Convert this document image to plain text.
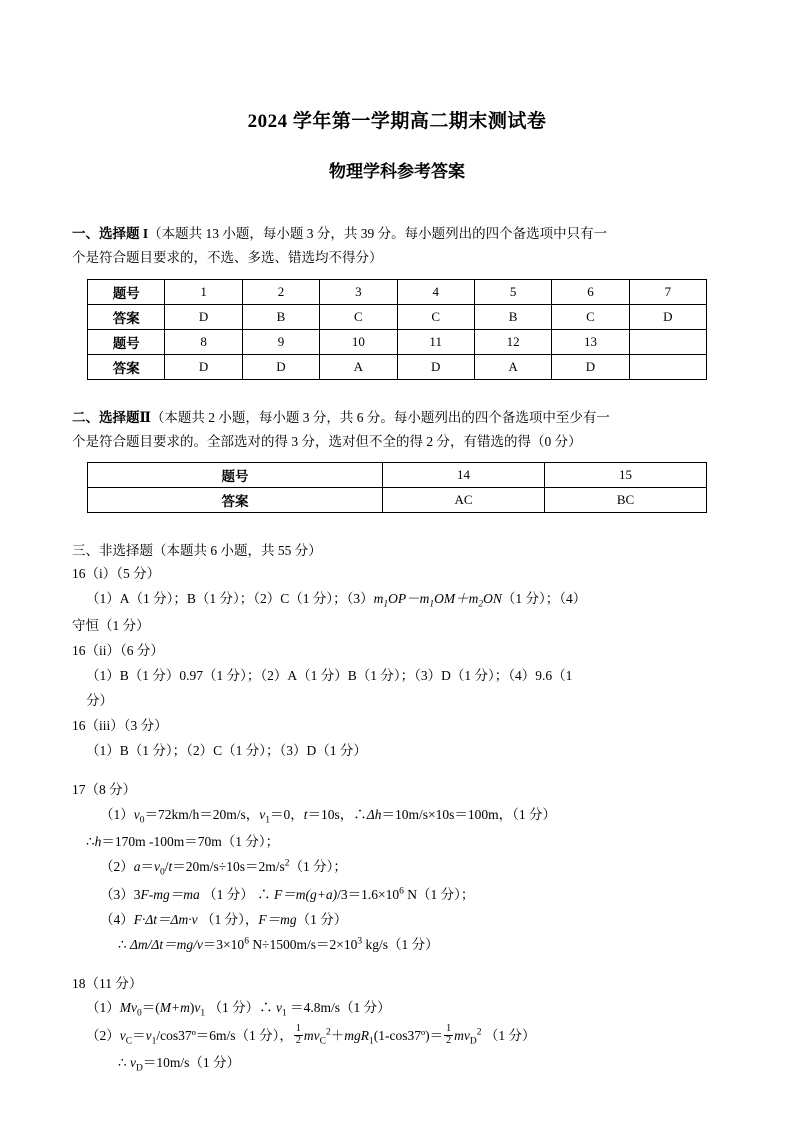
2024 学年第一学期高二期末测试卷
物理学科参考答案
一、选择题 I（本题共 13 小题，每小题 3 分，共 39 分。每小题列出的四个备选项中只有一
个是符合题目要求的，不选、多选、错选均不得分）
题号	1	2	3	4	5	6	7
答案	D	B	C	C	B	C	D
题号	8	9	10	11	12	13	
答案	D	D	A	D	A	D	
二、选择题Ⅱ（本题共 2 小题，每小题 3 分，共 6 分。每小题列出的四个备选项中至少有一
个是符合题目要求的。全部选对的得 3 分，选对但不全的得 2 分，有错选的得（0 分）
题号	14	15
答案	AC	BC
三、非选择题（本题共 6 小题，共 55 分）
16（i）（5 分）
（1）A（1 分）；B（1 分）；（2）C（1 分）；$(3)m_1OP-m_1OM+m_2ON(1$ 分）；（4）
守恒（1 分）
16（ii）（6 分）
（1）B（1 分）0.97（1 分）；（2）A（1 分）B（1 分）；（3）D（1 分）；（4）9.6（1
分）
16（iii）（3 分）
（1）B（1 分）；（2）C（1 分）；（3）D（1 分）
17（8 分）
$(1)v_0=72km/h=20m/s$，$v_1=0$，t＝10s，∴Δh＝10m/s×10s＝100m，（1 分）
∴h＝170m -100m＝70m（1 分）；
$(2)a=v_0/t=20m/s\div 10s=2m/s^2(1$ 分）；
（3）3F-mg＝ma （1 分） ∴ $F=m(g+a)/3=1.6\times 10^6$ N（1 分）；
（4）F·Δt＝Δm·v （1 分），F＝mg（1 分）
∴ $\Delta m/\Delta t=mg/v=3\times 10^6$ $N\div 1500m/s=2\times 10^3$ kg/s（1 分）
18（11 分）
$(1)Mv_0=(M+m)v_1$ （1 分）∴ $v_1 =4.8m/s(1$ 分）
$(2)v_C=v_1/\cos 37º=6m/s(1$ 分）， $\frac{1}{2}$ $mv_C^2+mgR_1(1-\cos 37º)= \frac{1}{2} mv_D^2$ （1 分）
∴ $v_D=10m/s(1$ 分）
